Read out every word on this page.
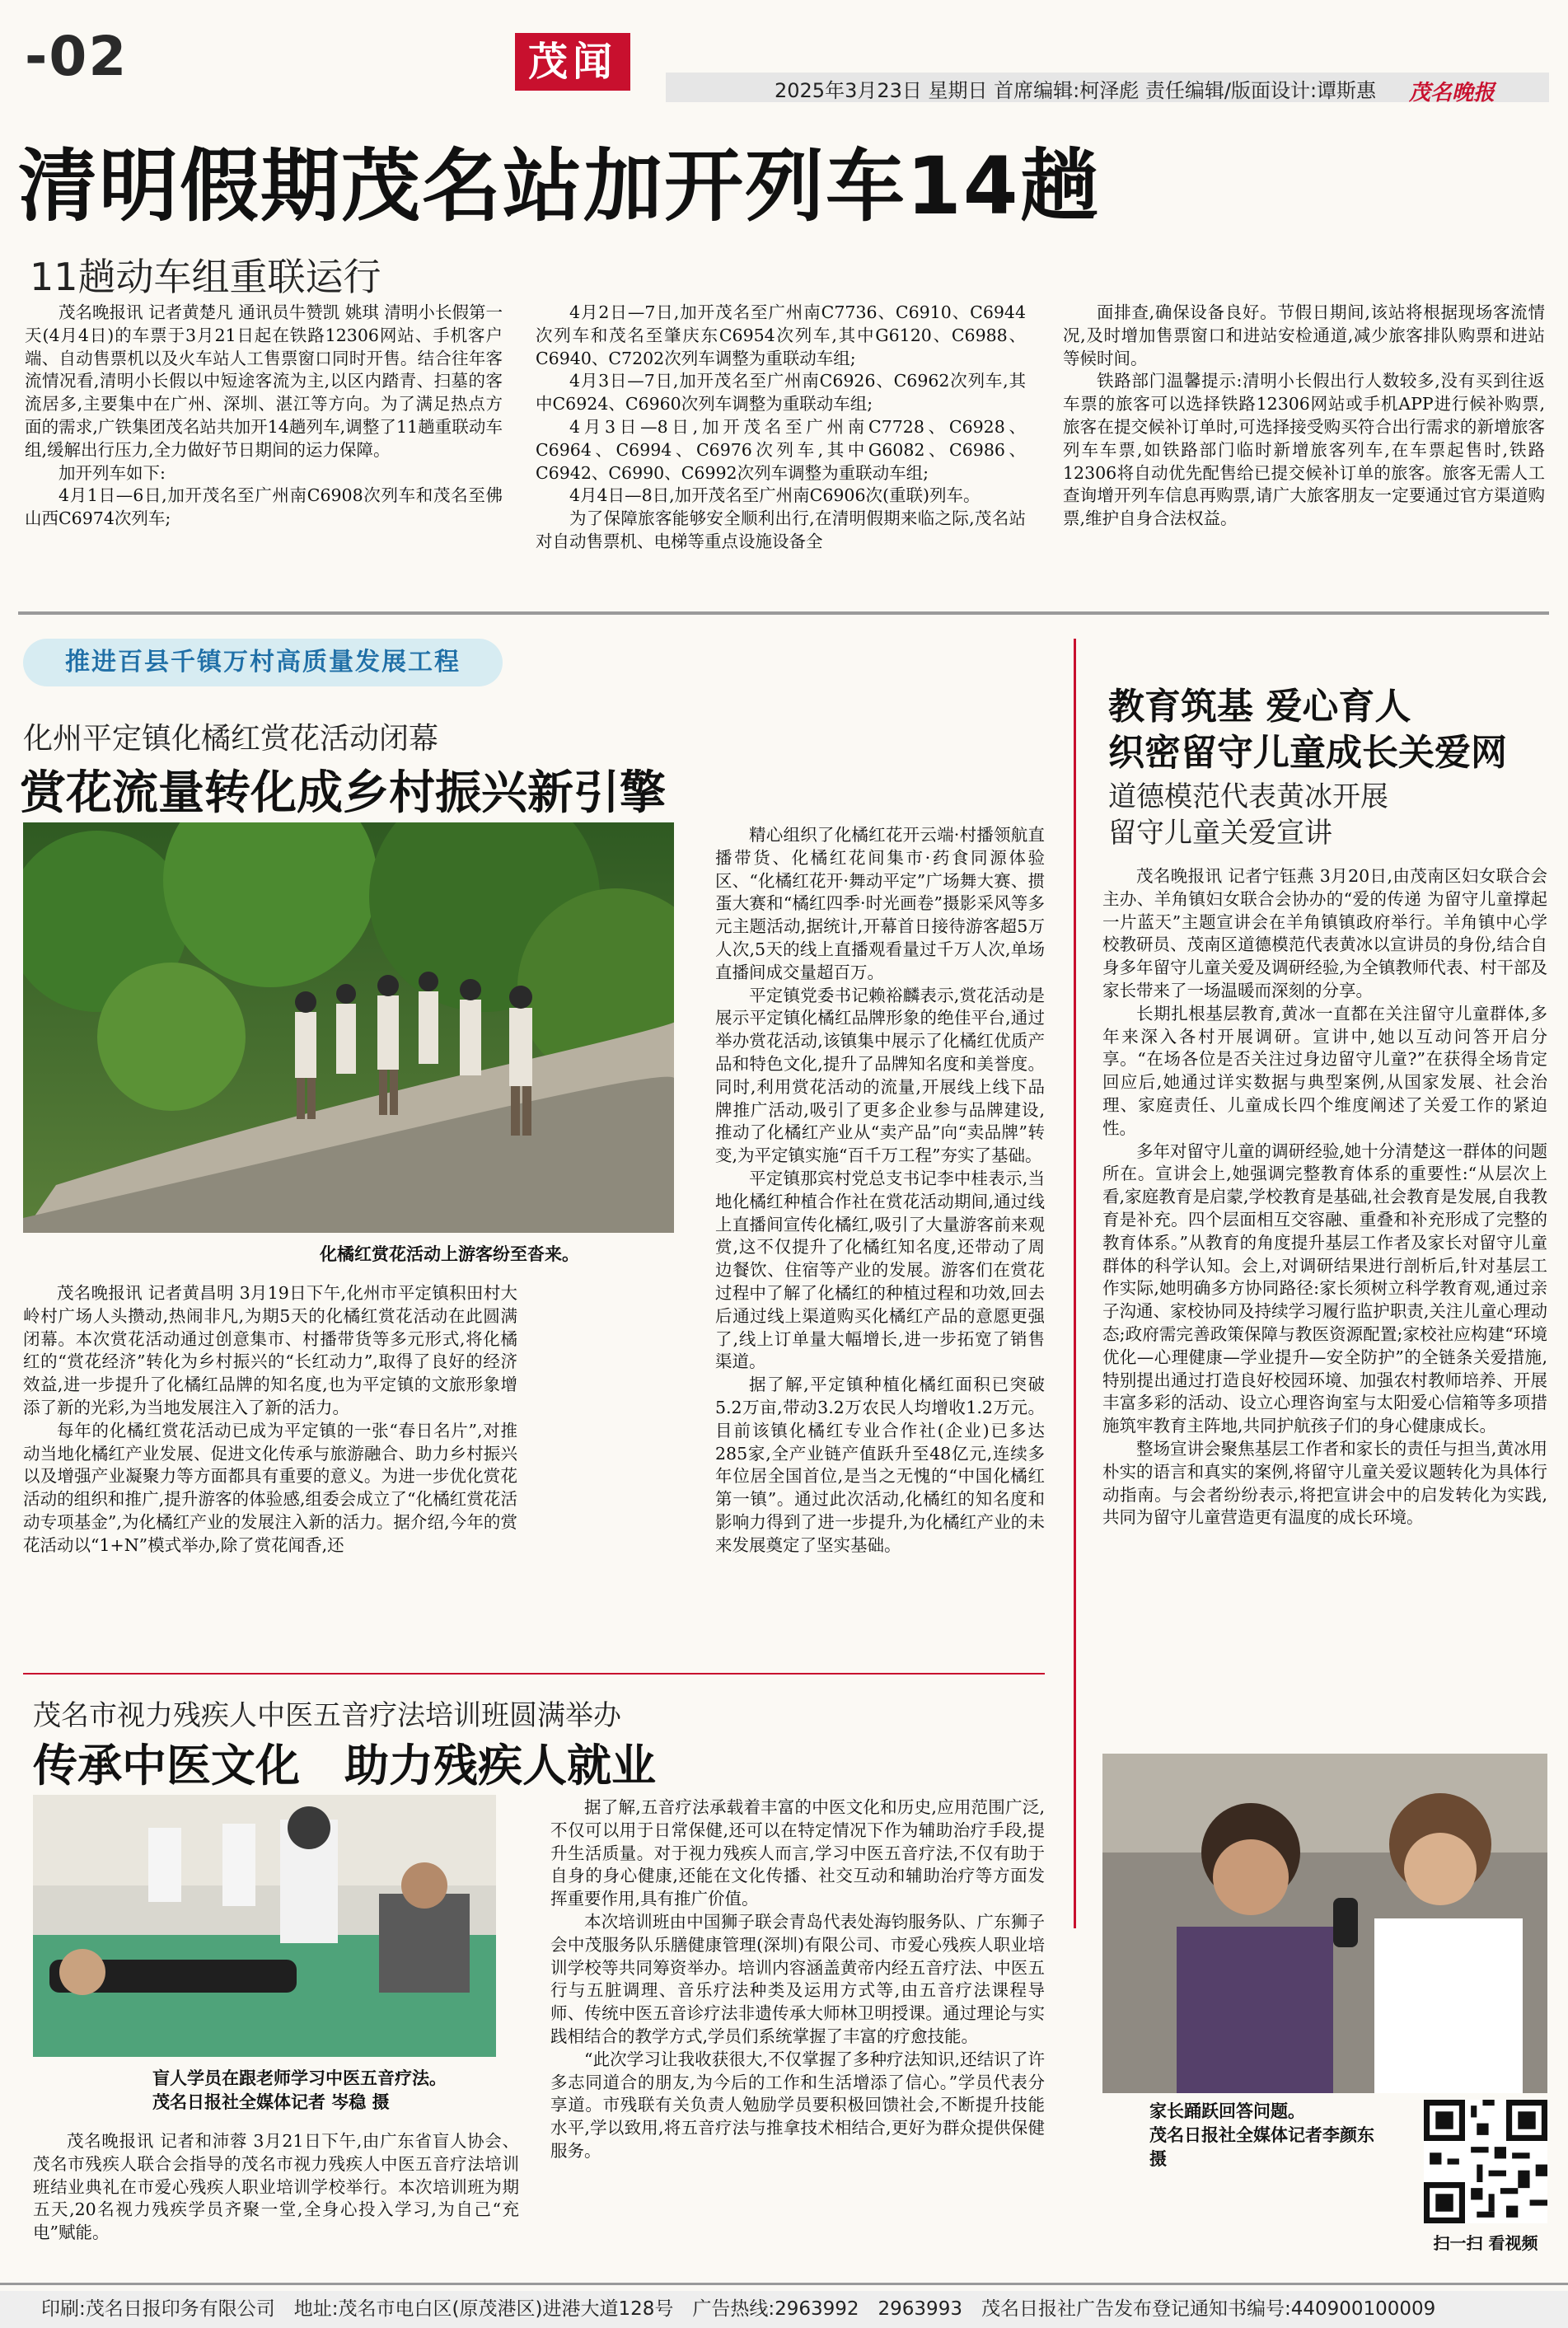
-02	茂闻
2025年3月23日 星期日 首席编辑:柯泽彪 责任编辑/版面设计:谭斯惠 茂名晚报
清明假期茂名站加开列车14趟
11趟动车组重联运行

茂名晚报讯 记者黄楚凡 通讯员牛赞凯 姚琪 清明小长假第一天(4月4日)的车票于3月21日起在铁路12306网站、手机客户端、自动售票机以及火车站人工售票窗口同时开售。结合往年客流情况看,清明小长假以中短途客流为主,以区内踏青、扫墓的客流居多,主要集中在广州、深圳、湛江等方向。为了满足热点方面的需求,广铁集团茂名站共加开14趟列车,调整了11趟重联动车组,缓解出行压力,全力做好节日期间的运力保障。

加开列车如下:

4月1日—6日,加开茂名至广州南C6908次列车和茂名至佛山西C6974次列车;

4月2日—7日,加开茂名至广州南C7736、C6910、C6944次列车和茂名至肇庆东C6954次列车,其中G6120、C6988、C6940、C7202次列车调整为重联动车组;

4月3日—7日,加开茂名至广州南C6926、C6962次列车,其中C6924、C6960次列车调整为重联动车组;

4月3日—8日,加开茂名至广州南C7728、C6928、C6964、C6994、C6976次列车,其中G6082、C6986、C6942、C6990、C6992次列车调整为重联动车组;

4月4日—8日,加开茂名至广州南C6906次(重联)列车。

为了保障旅客能够安全顺利出行,在清明假期来临之际,茂名站对自动售票机、电梯等重点设施设备全

面排查,确保设备良好。节假日期间,该站将根据现场客流情况,及时增加售票窗口和进站安检通道,减少旅客排队购票和进站等候时间。

铁路部门温馨提示:清明小长假出行人数较多,没有买到往返车票的旅客可以选择铁路12306网站或手机APP进行候补购票,旅客在提交候补订单时,可选择接受购买符合出行需求的新增旅客列车车票,如铁路部门临时新增旅客列车,在车票起售时,铁路12306将自动优先配售给已提交候补订单的旅客。旅客无需人工查询增开列车信息再购票,请广大旅客朋友一定要通过官方渠道购票,维护自身合法权益。

推进百县千镇万村高质量发展工程
化州平定镇化橘红赏花活动闭幕
赏花流量转化成乡村振兴新引擎
化橘红赏花活动上游客纷至沓来。

精心组织了化橘红花开云端·村播领航直播带货、化橘红花间集市·药食同源体验区、“化橘红花开·舞动平定”广场舞大赛、掼蛋大赛和“橘红四季·时光画卷”摄影采风等多元主题活动,据统计,开幕首日接待游客超5万人次,5天的线上直播观看量过千万人次,单场直播间成交量超百万。

平定镇党委书记赖裕麟表示,赏花活动是展示平定镇化橘红品牌形象的绝佳平台,通过举办赏花活动,该镇集中展示了化橘红优质产品和特色文化,提升了品牌知名度和美誉度。同时,利用赏花活动的流量,开展线上线下品牌推广活动,吸引了更多企业参与品牌建设,推动了化橘红产业从“卖产品”向“卖品牌”转变,为平定镇实施“百千万工程”夯实了基础。

平定镇那宾村党总支书记李中桂表示,当地化橘红种植合作社在赏花活动期间,通过线上直播间宣传化橘红,吸引了大量游客前来观赏,这不仅提升了化橘红知名度,还带动了周边餐饮、住宿等产业的发展。游客们在赏花过程中了解了化橘红的种植过程和功效,回去后通过线上渠道购买化橘红产品的意愿更强了,线上订单量大幅增长,进一步拓宽了销售渠道。

据了解,平定镇种植化橘红面积已突破5.2万亩,带动3.2万农民人均增收1.2万元。目前该镇化橘红专业合作社(企业)已多达285家,全产业链产值跃升至48亿元,连续多年位居全国首位,是当之无愧的“中国化橘红第一镇”。通过此次活动,化橘红的知名度和影响力得到了进一步提升,为化橘红产业的未来发展奠定了坚实基础。

茂名晚报讯 记者黄昌明 3月19日下午,化州市平定镇积田村大岭村广场人头攒动,热闹非凡,为期5天的化橘红赏花活动在此圆满闭幕。本次赏花活动通过创意集市、村播带货等多元形式,将化橘红的“赏花经济”转化为乡村振兴的“长红动力”,取得了良好的经济效益,进一步提升了化橘红品牌的知名度,也为平定镇的文旅形象增添了新的光彩,为当地发展注入了新的活力。

每年的化橘红赏花活动已成为平定镇的一张“春日名片”,对推动当地化橘红产业发展、促进文化传承与旅游融合、助力乡村振兴以及增强产业凝聚力等方面都具有重要的意义。为进一步优化赏花活动的组织和推广,提升游客的体验感,组委会成立了“化橘红赏花活动专项基金”,为化橘红产业的发展注入新的活力。据介绍,今年的赏花活动以“1+N”模式举办,除了赏花闻香,还

茂名市视力残疾人中医五音疗法培训班圆满举办
传承中医文化　助力残疾人就业
盲人学员在跟老师学习中医五音疗法。
茂名日报社全媒体记者 岑稳 摄

茂名晚报讯 记者和沛蓉 3月21日下午,由广东省盲人协会、茂名市残疾人联合会指导的茂名市视力残疾人中医五音疗法培训班结业典礼在市爱心残疾人职业培训学校举行。本次培训班为期五天,20名视力残疾学员齐聚一堂,全身心投入学习,为自己“充电”赋能。

据了解,五音疗法承载着丰富的中医文化和历史,应用范围广泛,不仅可以用于日常保健,还可以在特定情况下作为辅助治疗手段,提升生活质量。对于视力残疾人而言,学习中医五音疗法,不仅有助于自身的身心健康,还能在文化传播、社交互动和辅助治疗等方面发挥重要作用,具有推广价值。

本次培训班由中国狮子联会青岛代表处海钧服务队、广东狮子会中茂服务队乐膳健康管理(深圳)有限公司、市爱心残疾人职业培训学校等共同筹资举办。培训内容涵盖黄帝内经五音疗法、中医五行与五脏调理、音乐疗法种类及运用方式等,由五音疗法课程导师、传统中医五音诊疗法非遗传承大师林卫明授课。通过理论与实践相结合的教学方式,学员们系统掌握了丰富的疗愈技能。

“此次学习让我收获很大,不仅掌握了多种疗法知识,还结识了许多志同道合的朋友,为今后的工作和生活增添了信心。”学员代表分享道。市残联有关负责人勉励学员要积极回馈社会,不断提升技能水平,学以致用,将五音疗法与推拿技术相结合,更好为群众提供保健服务。

教育筑基 爱心育人
织密留守儿童成长关爱网
道德模范代表黄冰开展
留守儿童关爱宣讲

茂名晚报讯 记者宁钰燕 3月20日,由茂南区妇女联合会主办、羊角镇妇女联合会协办的“爱的传递 为留守儿童撑起一片蓝天”主题宣讲会在羊角镇镇政府举行。羊角镇中心学校教研员、茂南区道德模范代表黄冰以宣讲员的身份,结合自身多年留守儿童关爱及调研经验,为全镇教师代表、村干部及家长带来了一场温暖而深刻的分享。

长期扎根基层教育,黄冰一直都在关注留守儿童群体,多年来深入各村开展调研。宣讲中,她以互动问答开启分享。“在场各位是否关注过身边留守儿童?”在获得全场肯定回应后,她通过详实数据与典型案例,从国家发展、社会治理、家庭责任、儿童成长四个维度阐述了关爱工作的紧迫性。

多年对留守儿童的调研经验,她十分清楚这一群体的问题所在。宣讲会上,她强调完整教育体系的重要性:“从层次上看,家庭教育是启蒙,学校教育是基础,社会教育是发展,自我教育是补充。四个层面相互交容融、重叠和补充形成了完整的教育体系。”从教育的角度提升基层工作者及家长对留守儿童群体的科学认知。会上,对调研结果进行剖析后,针对基层工作实际,她明确多方协同路径:家长须树立科学教育观,通过亲子沟通、家校协同及持续学习履行监护职责,关注儿童心理动态;政府需完善政策保障与教医资源配置;家校社应构建“环境优化—心理健康—学业提升—安全防护”的全链条关爱措施,特别提出通过打造良好校园环境、加强农村教师培养、开展丰富多彩的活动、设立心理咨询室与太阳爱心信箱等多项措施筑牢教育主阵地,共同护航孩子们的身心健康成长。

整场宣讲会聚焦基层工作者和家长的责任与担当,黄冰用朴实的语言和真实的案例,将留守儿童关爱议题转化为具体行动指南。与会者纷纷表示,将把宣讲会中的启发转化为实践,共同为留守儿童营造更有温度的成长环境。

家长踊跃回答问题。
茂名日报社全媒体记者李颜东 摄
扫一扫 看视频
印刷:茂名日报印务有限公司　地址:茂名市电白区(原茂港区)进港大道128号　广告热线:2963992　2963993　茂名日报社广告发布登记通知书编号:440900100009
